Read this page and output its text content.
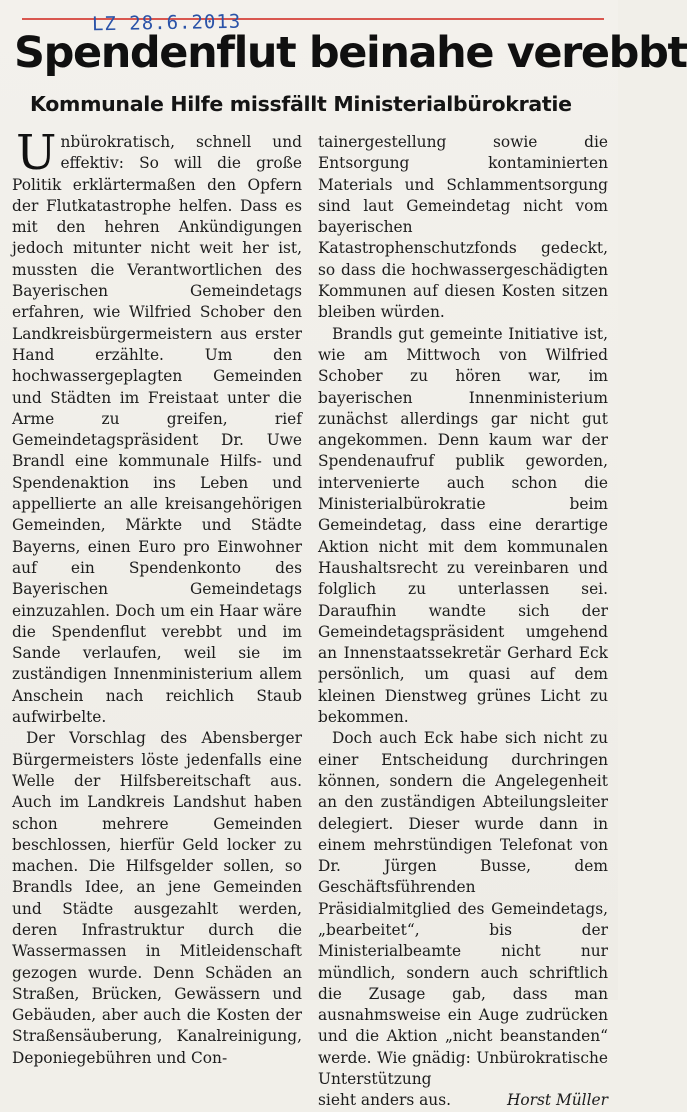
LZ 28.6.2013
Spendenflut beinahe verebbt
Kommunale Hilfe missfällt Ministerialbürokratie

Unbürokratisch, schnell und effektiv: So will die große Politik erklärtermaßen den Opfern der Flutkatastrophe helfen. Dass es mit den hehren Ankündigungen jedoch mitunter nicht weit her ist, mussten die Verantwortlichen des Bayerischen Gemeindetags erfahren, wie Wilfried Schober den Landkreisbürgermeistern aus erster Hand erzählte. Um den hochwassergeplagten Gemeinden und Städten im Freistaat unter die Arme zu greifen, rief Gemeindetagspräsident Dr. Uwe Brandl eine kommunale Hilfs- und Spendenaktion ins Leben und appellierte an alle kreisangehörigen Gemeinden, Märkte und Städte Bayerns, einen Euro pro Einwohner auf ein Spendenkonto des Bayerischen Gemeindetags einzuzahlen. Doch um ein Haar wäre die Spendenflut verebbt und im Sande verlaufen, weil sie im zuständigen Innenministerium allem Anschein nach reichlich Staub aufwirbelte.

Der Vorschlag des Abensberger Bürgermeisters löste jedenfalls eine Welle der Hilfsbereitschaft aus. Auch im Landkreis Landshut haben schon mehrere Gemeinden beschlossen, hierfür Geld locker zu machen. Die Hilfsgelder sollen, so Brandls Idee, an jene Gemeinden und Städte ausgezahlt werden, deren Infrastruktur durch die Wassermassen in Mitleidenschaft gezogen wurde. Denn Schäden an Straßen, Brücken, Gewässern und Gebäuden, aber auch die Kosten der Straßensäuberung, Kanalreinigung, Deponiegebühren und Con-

tainergestellung sowie die Entsorgung kontaminierten Materials und Schlammentsorgung sind laut Gemeindetag nicht vom bayerischen Katastrophenschutzfonds gedeckt, so dass die hochwassergeschädigten Kommunen auf diesen Kosten sitzen bleiben würden.

Brandls gut gemeinte Initiative ist, wie am Mittwoch von Wilfried Schober zu hören war, im bayerischen Innenministerium zunächst allerdings gar nicht gut angekommen. Denn kaum war der Spendenaufruf publik geworden, intervenierte auch schon die Ministerialbürokratie beim Gemeindetag, dass eine derartige Aktion nicht mit dem kommunalen Haushaltsrecht zu vereinbaren und folglich zu unterlassen sei. Daraufhin wandte sich der Gemeindetagspräsident umgehend an Innenstaatssekretär Gerhard Eck persönlich, um quasi auf dem kleinen Dienstweg grünes Licht zu bekommen.

Doch auch Eck habe sich nicht zu einer Entscheidung durchringen können, sondern die Angelegenheit an den zuständigen Abteilungsleiter delegiert. Dieser wurde dann in einem mehrstündigen Telefonat von Dr. Jürgen Busse, dem Geschäftsführenden Präsidialmitglied des Gemeindetags, „bearbeitet“, bis der Ministerialbeamte nicht nur mündlich, sondern auch schriftlich die Zusage gab, dass man ausnahmsweise ein Auge zudrücken und die Aktion „nicht beanstanden“ werde. Wie gnädig: Unbürokratische Unterstützung

sieht anders aus.	Horst Müller
